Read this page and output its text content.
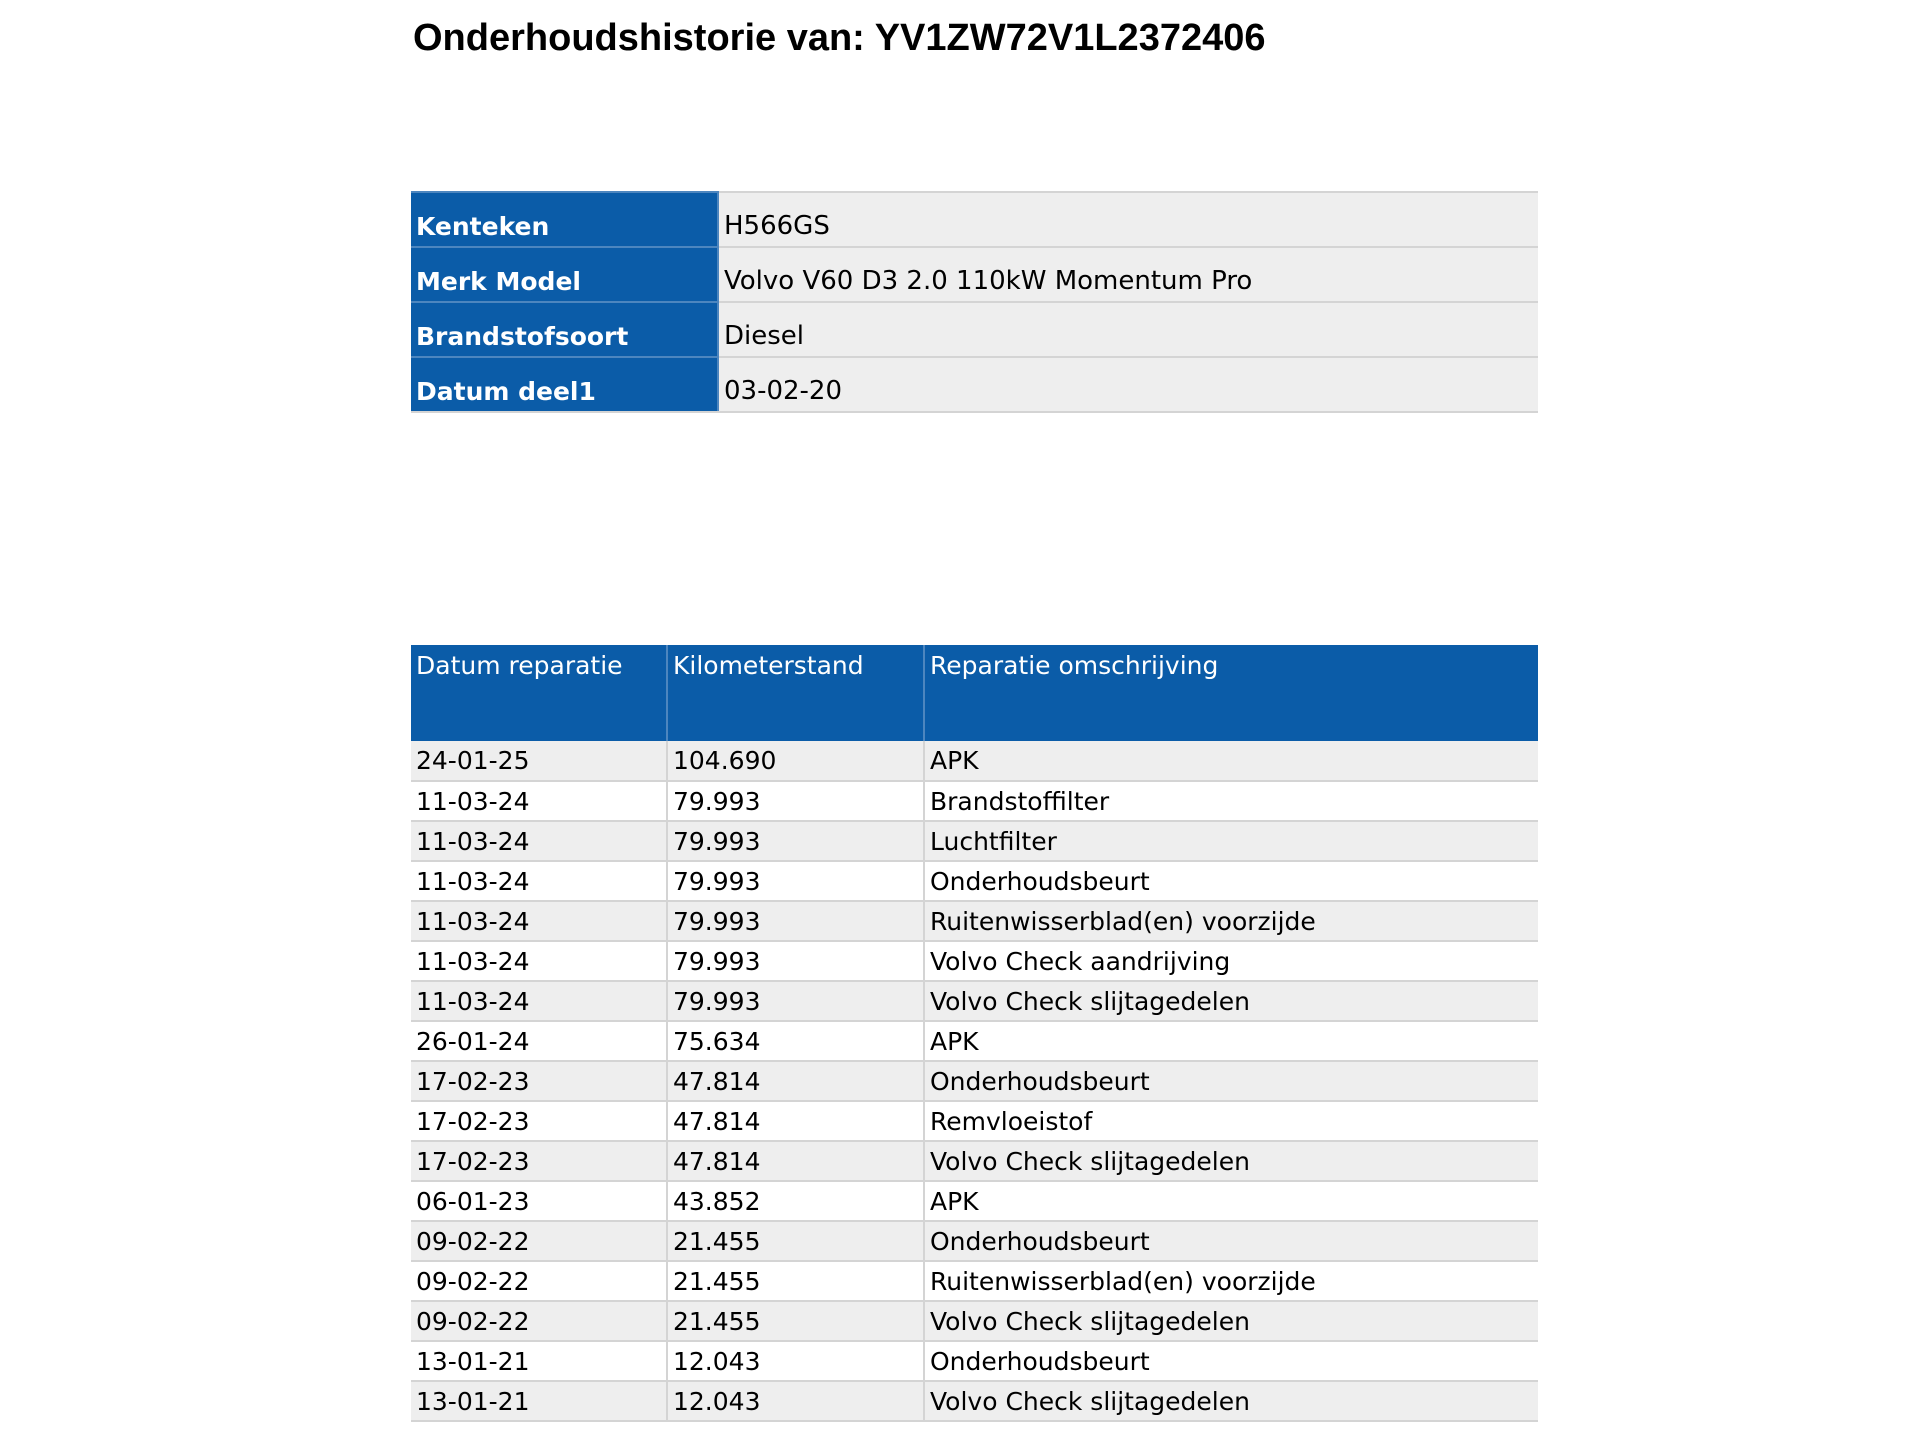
Onderhoudshistorie van: YV1ZW72V1L2372406
Kenteken	H566GS
Merk Model	Volvo V60 D3 2.0 110kW Momentum Pro
Brandstofsoort	Diesel
Datum deel1	03-02-20
Datum reparatie	Kilometerstand	Reparatie omschrijving
24-01-25	104.690	APK
11-03-24	79.993	Brandstoffilter
11-03-24	79.993	Luchtfilter
11-03-24	79.993	Onderhoudsbeurt
11-03-24	79.993	Ruitenwisserblad(en) voorzijde
11-03-24	79.993	Volvo Check aandrijving
11-03-24	79.993	Volvo Check slijtagedelen
26-01-24	75.634	APK
17-02-23	47.814	Onderhoudsbeurt
17-02-23	47.814	Remvloeistof
17-02-23	47.814	Volvo Check slijtagedelen
06-01-23	43.852	APK
09-02-22	21.455	Onderhoudsbeurt
09-02-22	21.455	Ruitenwisserblad(en) voorzijde
09-02-22	21.455	Volvo Check slijtagedelen
13-01-21	12.043	Onderhoudsbeurt
13-01-21	12.043	Volvo Check slijtagedelen
